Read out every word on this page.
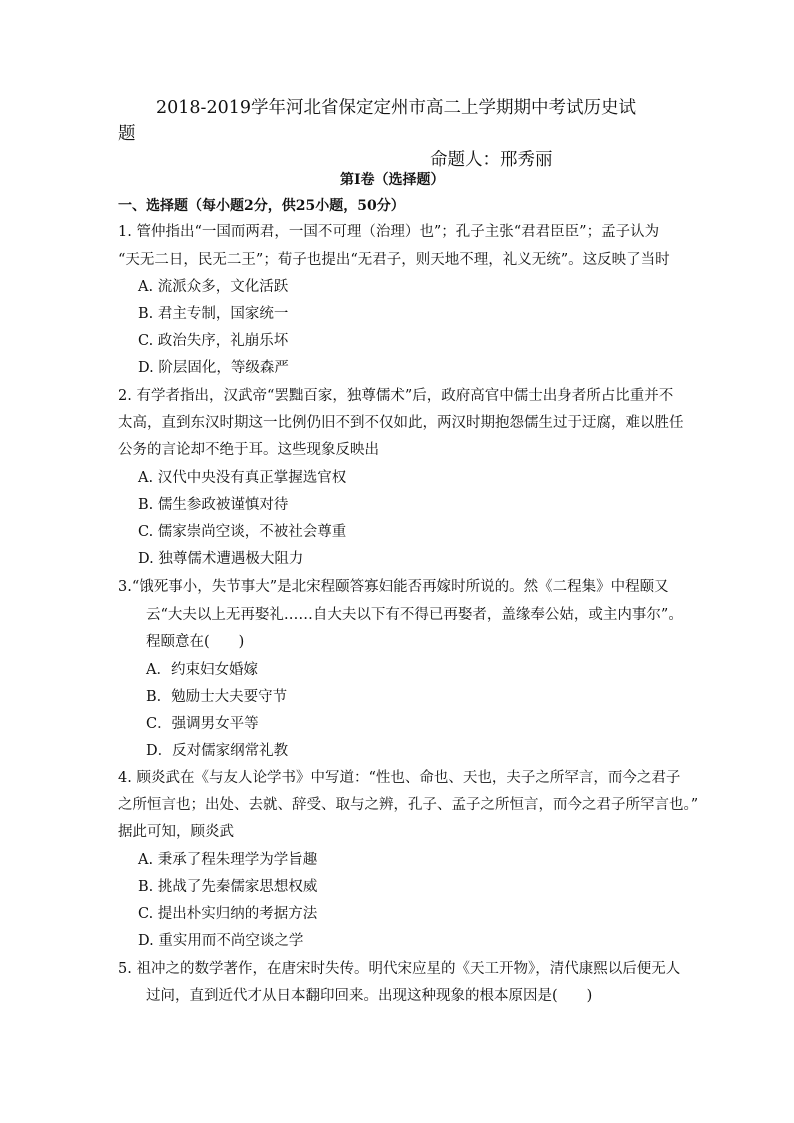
2018-2019学年河北省保定定州市高二上学期期中考试历史试
题
命题人：邢秀丽
第Ⅰ卷（选择题）
一、选择题（每小题2分，供25小题，50分）
1. 管仲指出“一国而两君，一国不可理（治理）也”；孔子主张“君君臣臣”；孟子认为
“天无二日，民无二王”；荀子也提出“无君子，则天地不理，礼义无统”。这反映了当时
A. 流派众多，文化活跃
B. 君主专制，国家统一
C. 政治失序，礼崩乐坏
D. 阶层固化，等级森严
2. 有学者指出，汉武帝“罢黜百家，独尊儒术”后，政府高官中儒士出身者所占比重并不
太高，直到东汉时期这一比例仍旧不到不仅如此，两汉时期抱怨儒生过于迂腐，难以胜任
公务的言论却不绝于耳。这些现象反映出
A. 汉代中央没有真正掌握选官权
B. 儒生参政被谨慎对待
C. 儒家崇尚空谈，不被社会尊重
D. 独尊儒术遭遇极大阻力
3.“饿死事小，失节事大”是北宋程颐答寡妇能否再嫁时所说的。然《二程集》中程颐又
云“大夫以上无再娶礼……自大夫以下有不得已再娶者，盖缘奉公姑，或主内事尔”。
程颐意在(　　)
A．约束妇女婚嫁
B．勉励士大夫要守节
C．强调男女平等
D．反对儒家纲常礼教
4. 顾炎武在《与友人论学书》中写道：“性也、命也、天也，夫子之所罕言，而今之君子
之所恒言也；出处、去就、辞受、取与之辨，孔子、孟子之所恒言，而今之君子所罕言也。”
据此可知，顾炎武
A. 秉承了程朱理学为学旨趣
B. 挑战了先秦儒家思想权威
C. 提出朴实归纳的考据方法
D. 重实用而不尚空谈之学
5. 祖冲之的数学著作，在唐宋时失传。明代宋应星的《天工开物》，清代康熙以后便无人
过问，直到近代才从日本翻印回来。出现这种现象的根本原因是(　　)
